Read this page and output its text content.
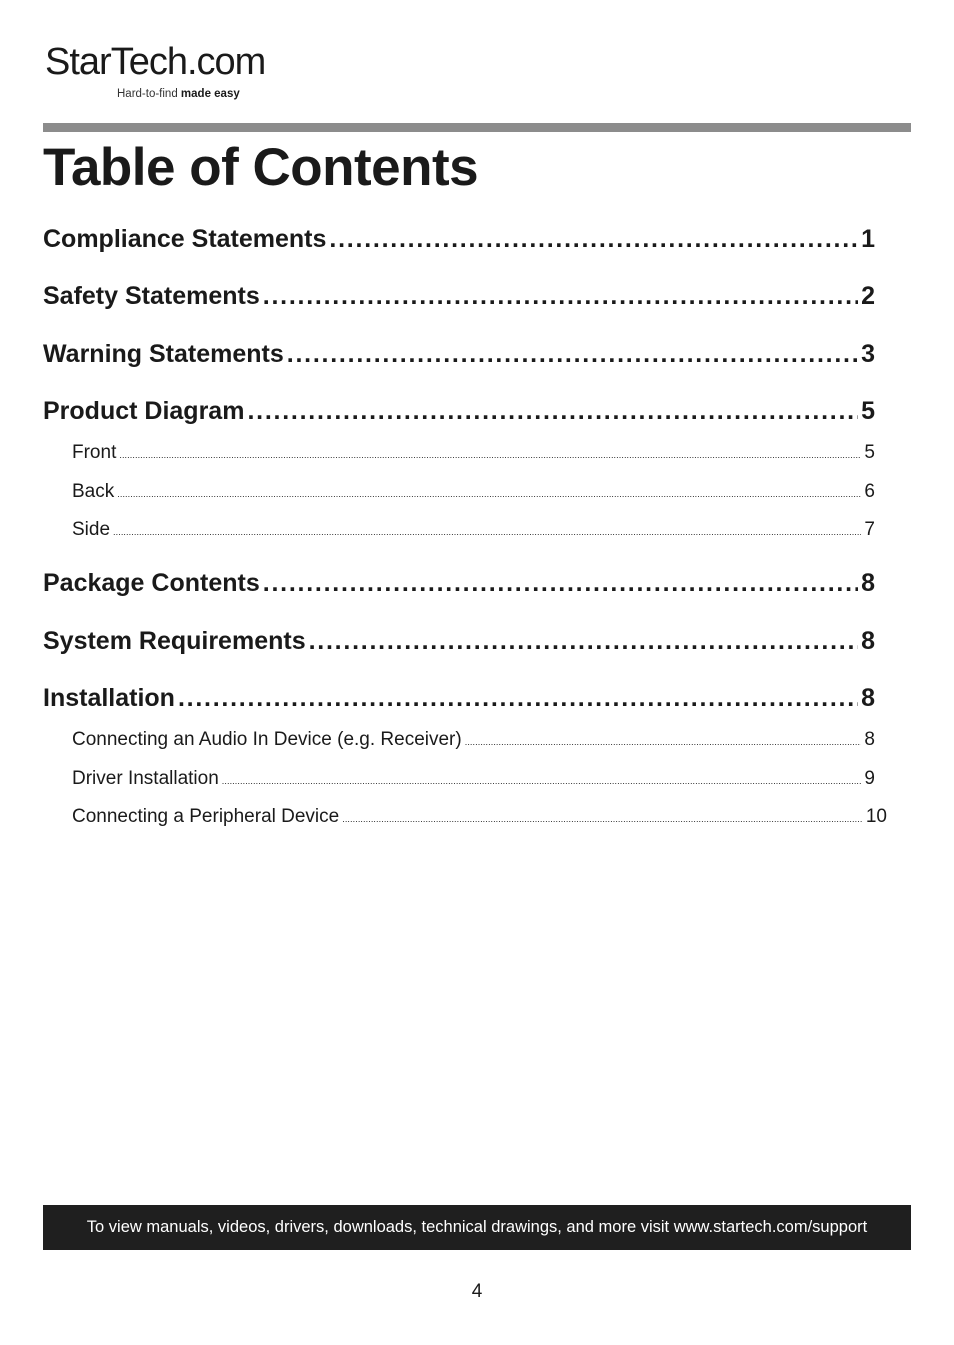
StarTech.com
Hard-to-find made easy
Table of Contents
Compliance Statements . . .	1
Safety Statements . . .	2
Warning Statements . . .	3
Product Diagram . . .	5
Front . . .	5
Back . . .	6
Side . . .	7
Package Contents . . .	8
System Requirements . . .	8
Installation . . .	8
Connecting an Audio In Device (e.g. Receiver) . . .	8
Driver Installation . . .	9
Connecting a Peripheral Device . . .	10
To view manuals, videos, drivers, downloads, technical drawings, and more visit www.startech.com/support
4
